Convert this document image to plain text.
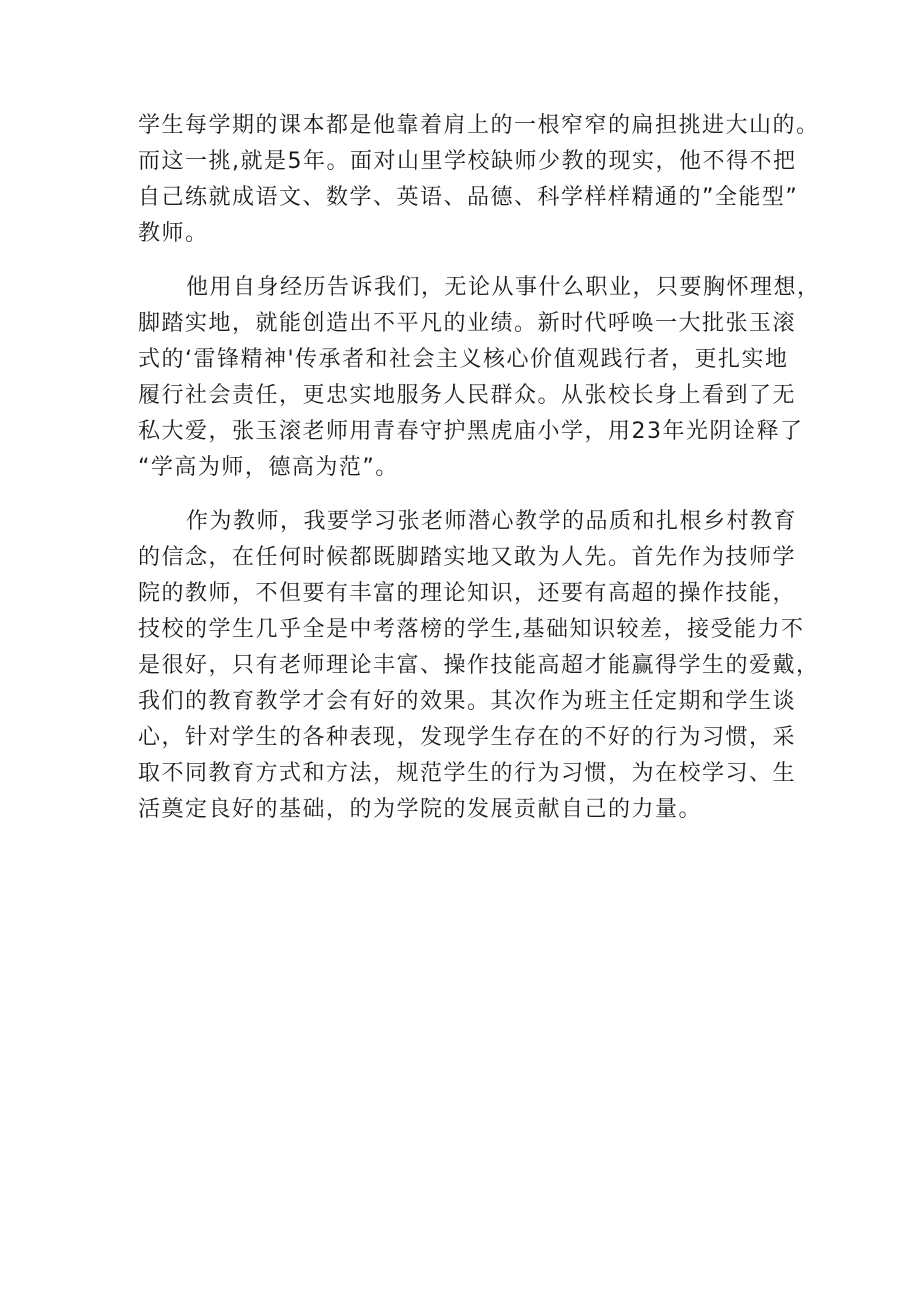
学生每学期的课本都是他靠着肩上的一根窄窄的扁担挑进大山的。
而这一挑,就是5年。面对山里学校缺师少教的现实，他不得不把
自己练就成语文、数学、英语、品德、科学样样精通的”全能型”
教师。
他用自身经历告诉我们，无论从事什么职业，只要胸怀理想，
脚踏实地，就能创造出不平凡的业绩。新时代呼唤一大批张玉滚
式的‘雷锋精神'传承者和社会主义核心价值观践行者，更扎实地
履行社会责任，更忠实地服务人民群众。从张校长身上看到了无
私大爱，张玉滚老师用青春守护黑虎庙小学，用23年光阴诠释了
“学高为师，德高为范”。
作为教师，我要学习张老师潜心教学的品质和扎根乡村教育
的信念，在任何时候都既脚踏实地又敢为人先。首先作为技师学
院的教师，不但要有丰富的理论知识，还要有高超的操作技能，
技校的学生几乎全是中考落榜的学生,基础知识较差，接受能力不
是很好，只有老师理论丰富、操作技能高超才能赢得学生的爱戴，
我们的教育教学才会有好的效果。其次作为班主任定期和学生谈
心，针对学生的各种表现，发现学生存在的不好的行为习惯，采
取不同教育方式和方法，规范学生的行为习惯，为在校学习、生
活奠定良好的基础，的为学院的发展贡献自己的力量。
